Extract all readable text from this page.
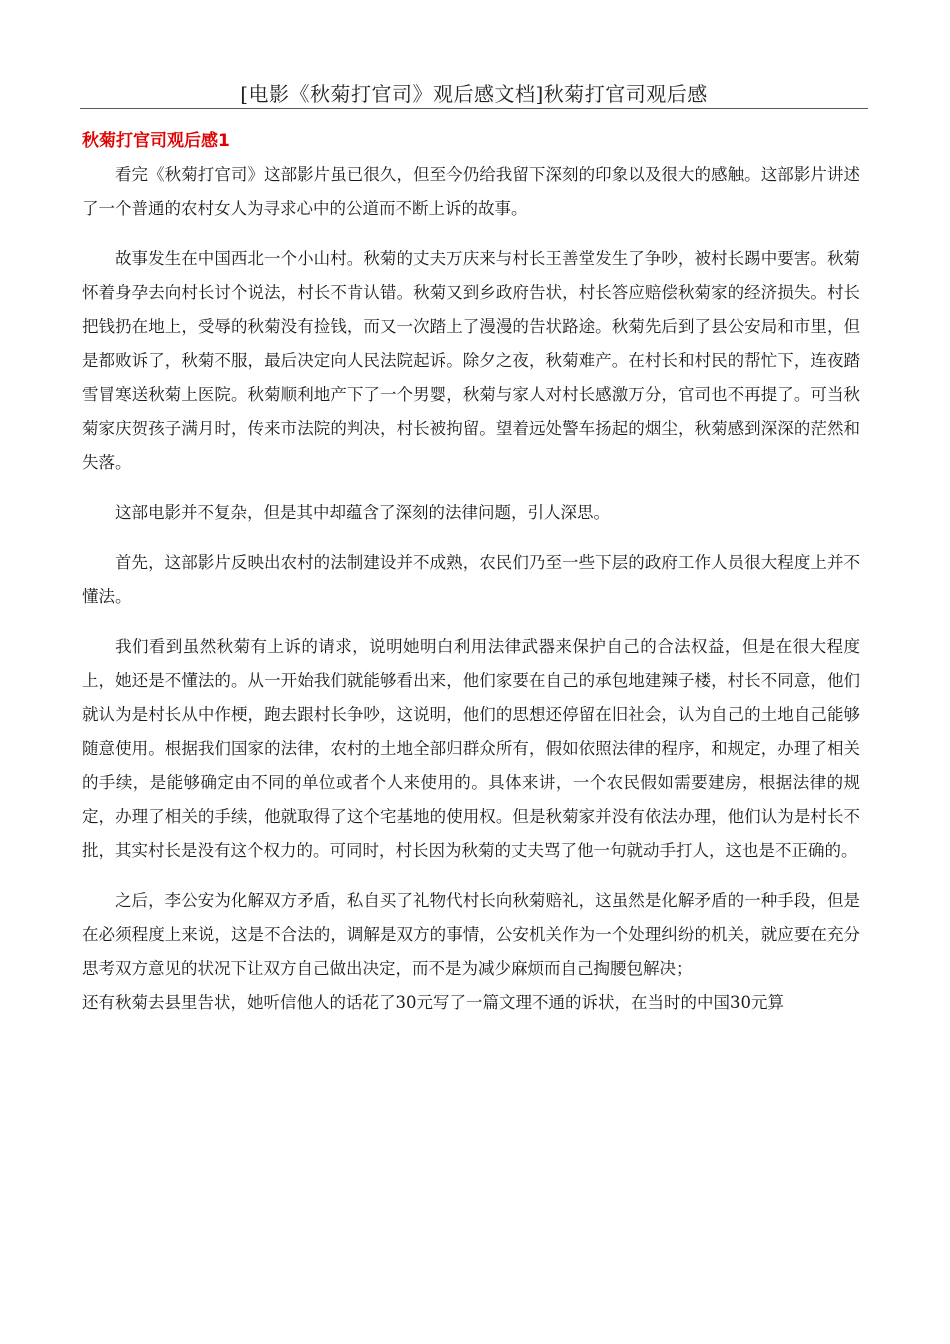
[电影《秋菊打官司》观后感文档]秋菊打官司观后感
秋菊打官司观后感1

看完《秋菊打官司》这部影片虽已很久，但至今仍给我留下深刻的印象以及很大的感触。这部影片讲述了一个普通的农村女人为寻求心中的公道而不断上诉的故事。

故事发生在中国西北一个小山村。秋菊的丈夫万庆来与村长王善堂发生了争吵，被村长踢中要害。秋菊怀着身孕去向村长讨个说法，村长不肯认错。秋菊又到乡政府告状，村长答应赔偿秋菊家的经济损失。村长把钱扔在地上，受辱的秋菊没有捡钱，而又一次踏上了漫漫的告状路途。秋菊先后到了县公安局和市里，但是都败诉了，秋菊不服，最后决定向人民法院起诉。除夕之夜，秋菊难产。在村长和村民的帮忙下，连夜踏雪冒寒送秋菊上医院。秋菊顺利地产下了一个男婴，秋菊与家人对村长感激万分，官司也不再提了。可当秋菊家庆贺孩子满月时，传来市法院的判决，村长被拘留。望着远处警车扬起的烟尘，秋菊感到深深的茫然和失落。

这部电影并不复杂，但是其中却蕴含了深刻的法律问题，引人深思。

首先，这部影片反映出农村的法制建设并不成熟，农民们乃至一些下层的政府工作人员很大程度上并不懂法。

我们看到虽然秋菊有上诉的请求，说明她明白利用法律武器来保护自己的合法权益，但是在很大程度上，她还是不懂法的。从一开始我们就能够看出来，他们家要在自己的承包地建辣子楼，村长不同意，他们就认为是村长从中作梗，跑去跟村长争吵，这说明，他们的思想还停留在旧社会，认为自己的土地自己能够随意使用。根据我们国家的法律，农村的土地全部归群众所有，假如依照法律的程序，和规定，办理了相关的手续，是能够确定由不同的单位或者个人来使用的。具体来讲，一个农民假如需要建房，根据法律的规定，办理了相关的手续，他就取得了这个宅基地的使用权。但是秋菊家并没有依法办理，他们认为是村长不批，其实村长是没有这个权力的。可同时，村长因为秋菊的丈夫骂了他一句就动手打人，这也是不正确的。

之后，李公安为化解双方矛盾，私自买了礼物代村长向秋菊赔礼，这虽然是化解矛盾的一种手段，但是在必须程度上来说，这是不合法的，调解是双方的事情，公安机关作为一个处理纠纷的机关，就应要在充分思考双方意见的状况下让双方自己做出决定，而不是为减少麻烦而自己掏腰包解决；

还有秋菊去县里告状，她听信他人的话花了30元写了一篇文理不通的诉状，在当时的中国30元算
